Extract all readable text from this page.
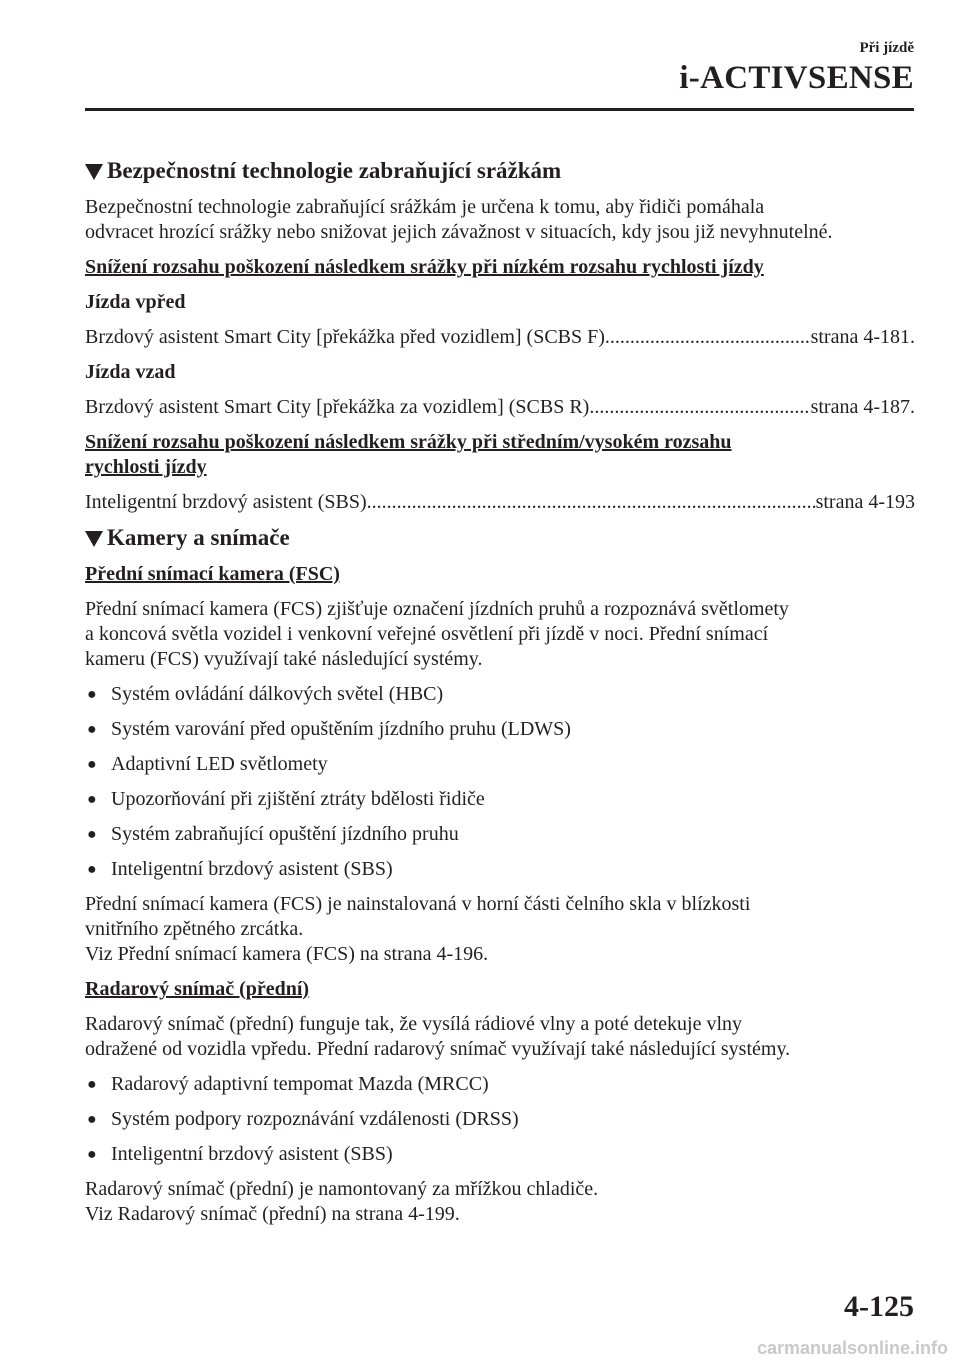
Při jízdě
i-ACTIVSENSE
Bezpečnostní technologie zabraňující srážkám
Bezpečnostní technologie zabraňující srážkám je určena k tomu, aby řidiči pomáhala
odvracet hrozící srážky nebo snižovat jejich závažnost v situacích, kdy jsou již nevyhnutelné.
Snížení rozsahu poškození následkem srážky při nízkém rozsahu rychlosti jízdy
Jízda vpřed
Brzdový asistent Smart City [překážka před vozidlem] (SCBS F) .....	strana 4-181.
Jízda vzad
Brzdový asistent Smart City [překážka za vozidlem] (SCBS R) .....	strana 4-187.
Snížení rozsahu poškození následkem srážky při středním/vysokém rozsahu
rychlosti jízdy
Inteligentní brzdový asistent (SBS) .....	strana 4-193
Kamery a snímače
Přední snímací kamera (FSC)
Přední snímací kamera (FCS) zjišťuje označení jízdních pruhů a rozpoznává světlomety
a koncová světla vozidel i venkovní veřejné osvětlení při jízdě v noci. Přední snímací
kameru (FCS) využívají také následující systémy.
● Systém ovládání dálkových světel (HBC)
● Systém varování před opuštěním jízdního pruhu (LDWS)
● Adaptivní LED světlomety
● Upozorňování při zjištění ztráty bdělosti řidiče
● Systém zabraňující opuštění jízdního pruhu
● Inteligentní brzdový asistent (SBS)
Přední snímací kamera (FCS) je nainstalovaná v horní části čelního skla v blízkosti
vnitřního zpětného zrcátka.
Viz Přední snímací kamera (FCS) na strana 4-196.
Radarový snímač (přední)
Radarový snímač (přední) funguje tak, že vysílá rádiové vlny a poté detekuje vlny
odražené od vozidla vpředu. Přední radarový snímač využívají také následující systémy.
● Radarový adaptivní tempomat Mazda (MRCC)
● Systém podpory rozpoznávání vzdálenosti (DRSS)
● Inteligentní brzdový asistent (SBS)
Radarový snímač (přední) je namontovaný za mřížkou chladiče.
Viz Radarový snímač (přední) na strana 4-199.
4-125
carmanualsonline.info
